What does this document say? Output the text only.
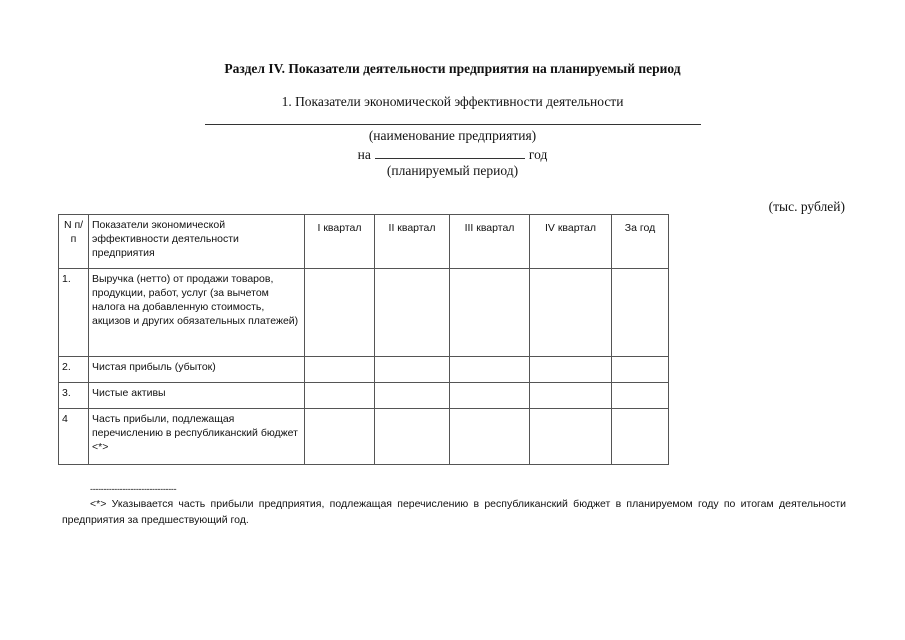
Раздел IV. Показатели деятельности предприятия на планируемый период
1. Показатели экономической эффективности деятельности
(наименование предприятия)
на	год
(планируемый период)
(тыс. рублей)
N п/п	Показатели экономической эффективности деятельности предприятия	I квартал	II квартал	III квартал	IV квартал	За год
1.	Выручка (нетто) от продажи товаров, продукции, работ, услуг (за вычетом налога на добавленную стоимость, акцизов и других обязательных платежей)					
2.	Чистая прибыль (убыток)					
3.	Чистые активы					
4	Часть прибыли, подлежащая перечислению в республиканский бюджет <*>					
--------------------------------
<*> Указывается часть прибыли предприятия, подлежащая перечислению в республиканский бюджет в планируемом году по итогам деятельности предприятия за предшествующий год.
